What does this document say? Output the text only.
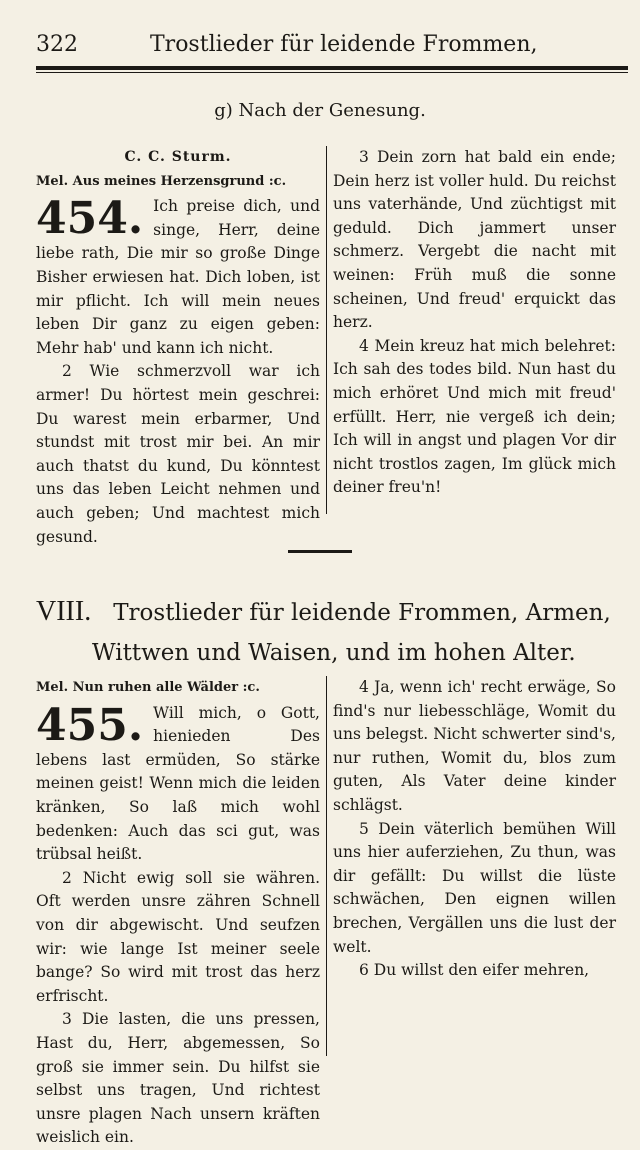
322	Trostlieder für leidende Frommen,
g) Nach der Genesung.

C. C. Sturm.

Mel. Aus meines Herzensgrund :c.

454. Ich preise dich, und singe, Herr, deine liebe rath, Die mir so große Dinge Bisher erwiesen hat. Dich loben, ist mir pflicht. Ich will mein neues leben Dir ganz zu eigen geben: Mehr hab' und kann ich nicht.

2 Wie schmerzvoll war ich armer! Du hörtest mein geschrei: Du warest mein erbarmer, Und stundst mit trost mir bei. An mir auch thatst du kund, Du könntest uns das leben Leicht nehmen und auch geben; Und machtest mich gesund.

3 Dein zorn hat bald ein ende; Dein herz ist voller huld. Du reichst uns vaterhände, Und züchtigst mit geduld. Dich jammert unser schmerz. Vergebt die nacht mit weinen: Früh muß die sonne scheinen, Und freud' erquickt das herz.

4 Mein kreuz hat mich belehret: Ich sah des todes bild. Nun hast du mich erhöret Und mich mit freud' erfüllt. Herr, nie vergeß ich dein; Ich will in angst und plagen Vor dir nicht trostlos zagen, Im glück mich deiner freu'n!

VIII. Trostlieder für leidende Frommen, Armen,
Wittwen und Waisen, und im hohen Alter.

Mel. Nun ruhen alle Wälder :c.

455. Will mich, o Gott, hienieden Des lebens last ermüden, So stärke meinen geist! Wenn mich die leiden kränken, So laß mich wohl bedenken: Auch das sci gut, was trübsal heißt.

2 Nicht ewig soll sie währen. Oft werden unsre zähren Schnell von dir abgewischt. Und seufzen wir: wie lange Ist meiner seele bange? So wird mit trost das herz erfrischt.

3 Die lasten, die uns pressen, Hast du, Herr, abgemessen, So groß sie immer sein. Du hilfst sie selbst uns tragen, Und richtest unsre plagen Nach unsern kräften weislich ein.

4 Ja, wenn ich' recht erwäge, So find's nur liebesschläge, Womit du uns belegst. Nicht schwerter sind's, nur ruthen, Womit du, blos zum guten, Als Vater deine kinder schlägst.

5 Dein väterlich bemühen Will uns hier auferziehen, Zu thun, was dir gefällt: Du willst die lüste schwächen, Den eignen willen brechen, Vergällen uns die lust der welt.

6 Du willst den eifer mehren,
